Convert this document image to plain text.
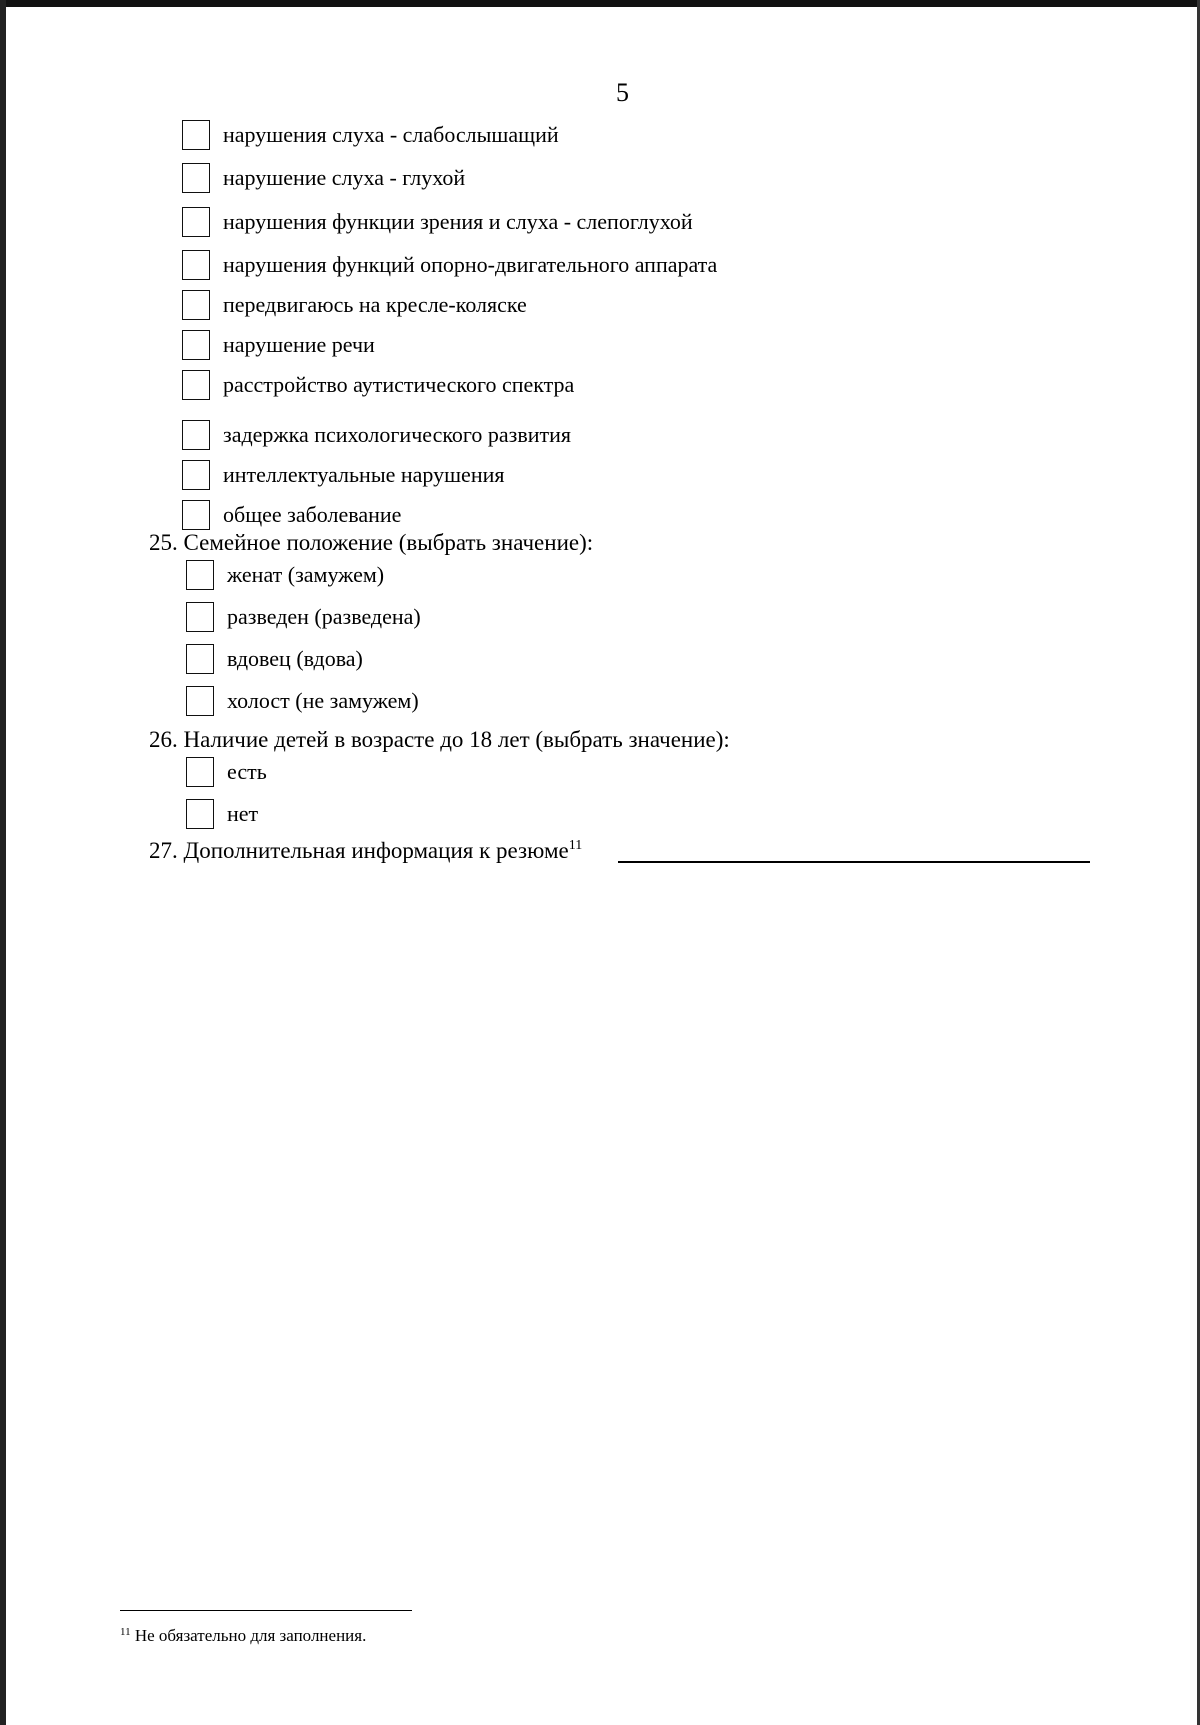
5
нарушения слуха - слабослышащий
нарушение слуха - глухой
нарушения функции зрения и слуха - слепоглухой
нарушения функций опорно-двигательного аппарата
передвигаюсь на кресле-коляске
нарушение речи
расстройство аутистического спектра
задержка психологического развития
интеллектуальные нарушения
общее заболевание
25. Семейное положение (выбрать значение):
женат (замужем)
разведен (разведена)
вдовец (вдова)
холост (не замужем)
26. Наличие детей в возрасте до 18 лет (выбрать значение):
есть
нет
27. Дополнительная информация к резюме$^{11}$
$^{11}$ Не обязательно для заполнения.
